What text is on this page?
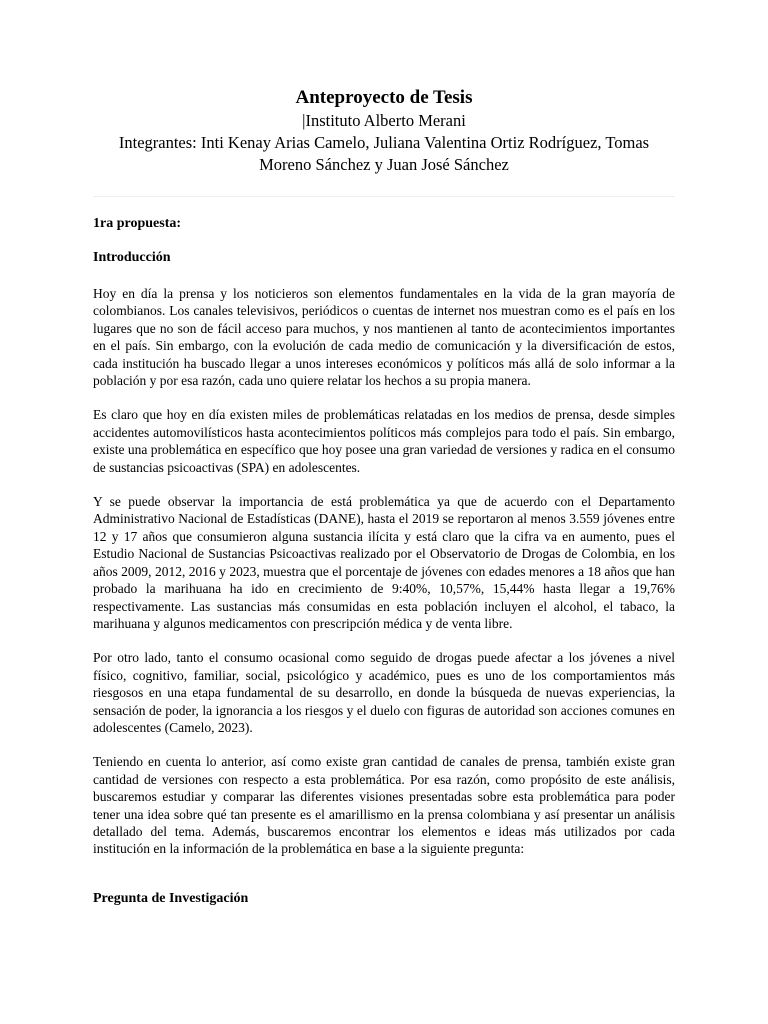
Anteproyecto de Tesis

|Instituto Alberto Merani

Integrantes: Inti Kenay Arias Camelo, Juliana Valentina Ortiz Rodríguez, Tomas Moreno Sánchez y Juan José Sánchez

1ra propuesta:

Introducción

Hoy en día la prensa y los noticieros son elementos fundamentales en la vida de la gran mayoría de colombianos. Los canales televisivos, periódicos o cuentas de internet nos muestran como es el país en los lugares que no son de fácil acceso para muchos, y nos mantienen al tanto de acontecimientos importantes en el país. Sin embargo, con la evolución de cada medio de comunicación y la diversificación de estos, cada institución ha buscado llegar a unos intereses económicos y políticos más allá de solo informar a la población y por esa razón, cada uno quiere relatar los hechos a su propia manera.

Es claro que hoy en día existen miles de problemáticas relatadas en los medios de prensa, desde simples accidentes automovilísticos hasta acontecimientos políticos más complejos para todo el país. Sin embargo, existe una problemática en específico que hoy posee una gran variedad de versiones y radica en el consumo de sustancias psicoactivas (SPA) en adolescentes.

Y se puede observar la importancia de está problemática ya que de acuerdo con el Departamento Administrativo Nacional de Estadísticas (DANE), hasta el 2019 se reportaron al menos 3.559 jóvenes entre 12 y 17 años que consumieron alguna sustancia ilícita y está claro que la cifra va en aumento, pues el Estudio Nacional de Sustancias Psicoactivas realizado por el Observatorio de Drogas de Colombia, en los años 2009, 2012, 2016 y 2023, muestra que el porcentaje de jóvenes con edades menores a 18 años que han probado la marihuana ha ido en crecimiento de 9:40%, 10,57%, 15,44% hasta llegar a 19,76% respectivamente. Las sustancias más consumidas en esta población incluyen el alcohol, el tabaco, la marihuana y algunos medicamentos con prescripción médica y de venta libre.

Por otro lado, tanto el consumo ocasional como seguido de drogas puede afectar a los jóvenes a nivel físico, cognitivo, familiar, social, psicológico y académico, pues es uno de los comportamientos más riesgosos en una etapa fundamental de su desarrollo, en donde la búsqueda de nuevas experiencias, la sensación de poder, la ignorancia a los riesgos y el duelo con figuras de autoridad son acciones comunes en adolescentes (Camelo, 2023).

Teniendo en cuenta lo anterior, así como existe gran cantidad de canales de prensa, también existe gran cantidad de versiones con respecto a esta problemática. Por esa razón, como propósito de este análisis, buscaremos estudiar y comparar las diferentes visiones presentadas sobre esta problemática para poder tener una idea sobre qué tan presente es el amarillismo en la prensa colombiana y así presentar un análisis detallado del tema. Además, buscaremos encontrar los elementos e ideas más utilizados por cada institución en la información de la problemática en base a la siguiente pregunta:

Pregunta de Investigación
